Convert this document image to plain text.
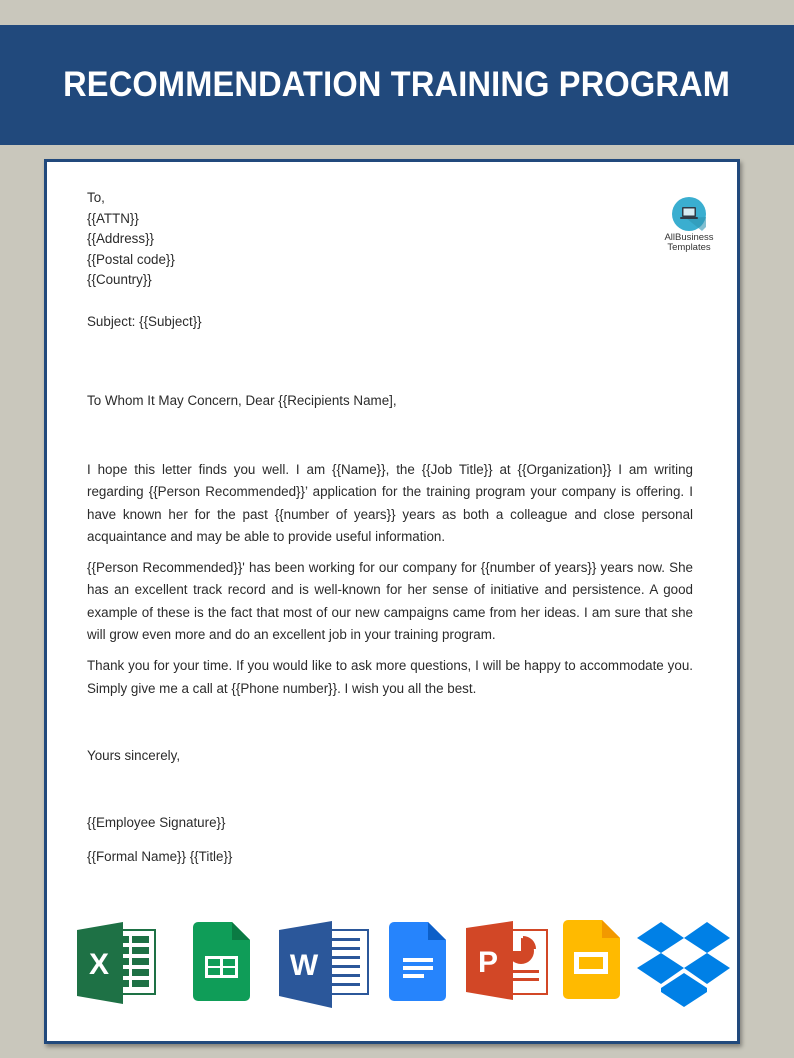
RECOMMENDATION TRAINING PROGRAM
AllBusiness
Templates
To,
{{ATTN}}
{{Address}}
{{Postal code}}
{{Country}}
Subject: {{Subject}}
To Whom It May Concern, Dear {{Recipients Name],

I hope this letter finds you well. I am {{Name}}, the {{Job Title}} at {{Organization}} I am writing regarding {{Person Recommended}}’ application for the training program your company is offering. I have known her for the past {{number of years}} years as both a colleague and close personal acquaintance and may be able to provide useful information.

{{Person Recommended}}' has been working for our company for {{number of years}} years now. She has an excellent track record and is well-known for her sense of initiative and persistence. A good example of these is the fact that most of our new campaigns came from her ideas. I am sure that she will grow even more and do an excellent job in your training program.

Thank you for your time. If you would like to ask more questions, I will be happy to accommodate you. Simply give me a call at {{Phone number}}. I wish you all the best.

Yours sincerely,
{{Employee Signature}}
{{Formal Name}} {{Title}}
X	W	P
